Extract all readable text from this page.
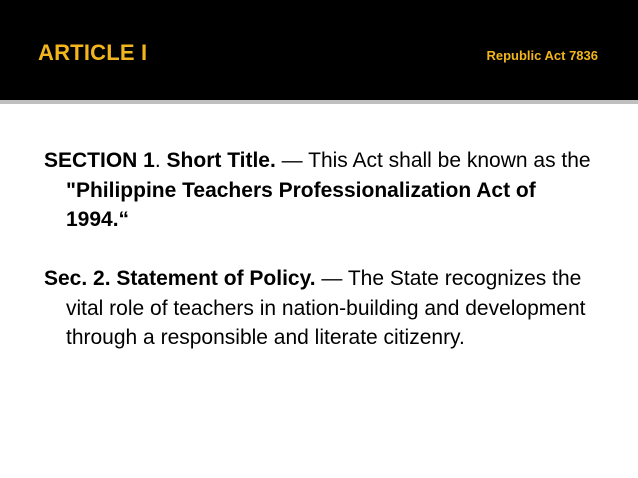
ARTICLE I	Republic Act 7836

SECTION 1. Short Title. — This Act shall be known as the "Philippine Teachers Professionalization Act of 1994.“

Sec. 2. Statement of Policy. — The State recognizes the vital role of teachers in nation-building and development through a responsible and literate citizenry.
